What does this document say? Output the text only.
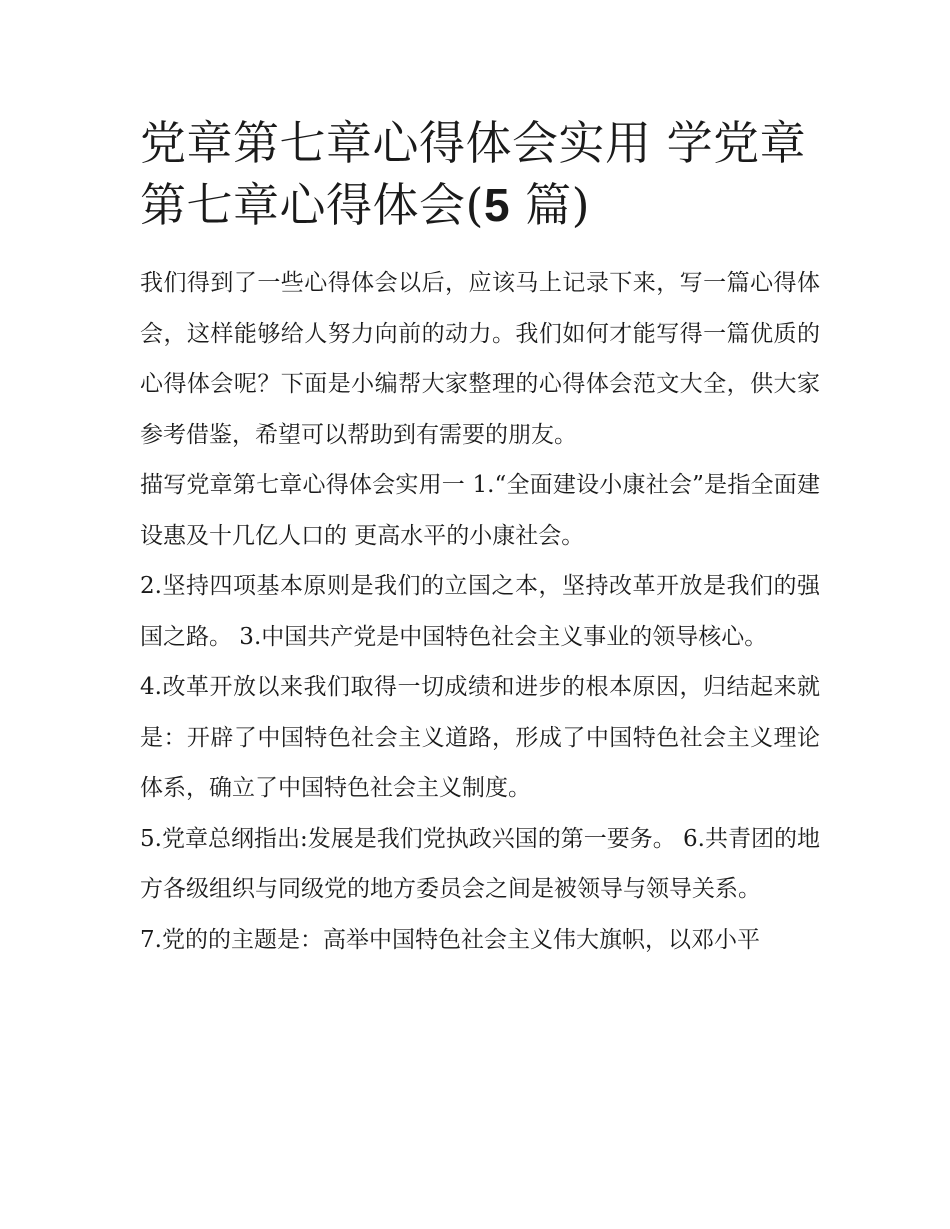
党章第七章心得体会实用 学党章第七章心得体会(5 篇)

我们得到了一些心得体会以后，应该马上记录下来，写一篇心得体会，这样能够给人努力向前的动力。我们如何才能写得一篇优质的心得体会呢？下面是小编帮大家整理的心得体会范文大全，供大家参考借鉴，希望可以帮助到有需要的朋友。

描写党章第七章心得体会实用一 1.“全面建设小康社会”是指全面建设惠及十几亿人口的 更高水平的小康社会。

2.坚持四项基本原则是我们的立国之本，坚持改革开放是我们的强国之路。 3.中国共产党是中国特色社会主义事业的领导核心。

4.改革开放以来我们取得一切成绩和进步的根本原因，归结起来就是：开辟了中国特色社会主义道路，形成了中国特色社会主义理论体系，确立了中国特色社会主义制度。

5.党章总纲指出:发展是我们党执政兴国的第一要务。 6.共青团的地方各级组织与同级党的地方委员会之间是被领导与领导关系。

7.党的的主题是：高举中国特色社会主义伟大旗帜，以邓小平
